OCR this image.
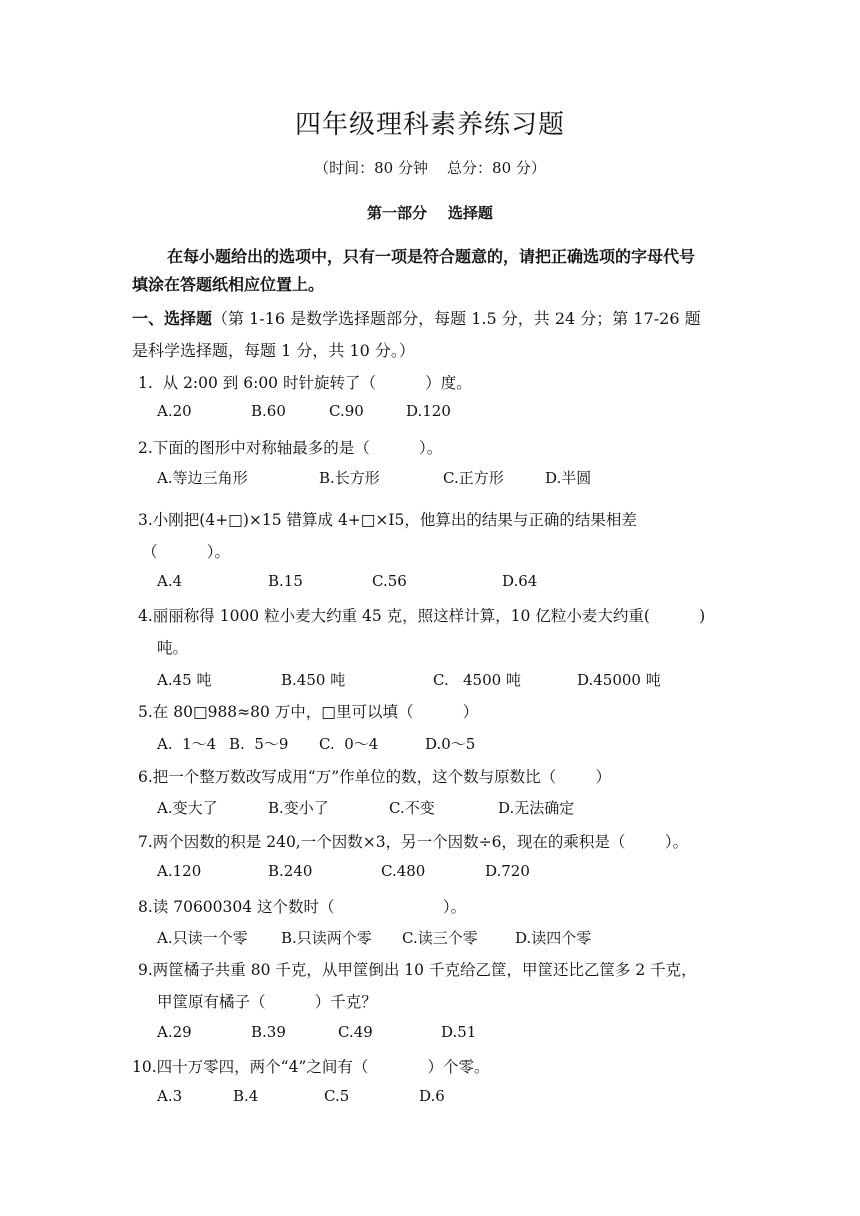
四年级理科素养练习题
（时间：80 分钟    总分：80 分）
第一部分    选择题
在每小题给出的选项中，只有一项是符合题意的，请把正确选项的字母代号
填涂在答题纸相应位置上。
一、选择题（第 1-16 是数学选择题部分，每题 1.5 分，共 24 分；第 17-26 题
是科学选择题，每题 1 分，共 10 分。）
1.  从 2:00 到 6:00 时针旋转了（          ）度。
A.20	B.60	C.90	D.120
2.下面的图形中对称轴最多的是（          ）。
A.等边三角形	B.长方形	C.正方形	D.半圆
3.小刚把(4+□)×15 错算成 4+□×I5，他算出的结果与正确的结果相差
（          ）。
A.4	B.15	C.56	D.64
4.丽丽称得 1000 粒小麦大约重 45 克，照这样计算，10 亿粒小麦大约重(          )
吨。
A.45 吨	B.450 吨	C.   4500 吨	D.45000 吨
5.在 80□988≈80 万中，□里可以填（          ）
A.  1～4 B.  5～9 C.  0～4	D.0～5
6.把一个整万数改写成用“万”作单位的数，这个数与原数比（        ）
A.变大了	B.变小了	C.不变	D.无法确定
7.两个因数的积是 240,一个因数×3，另一个因数÷6，现在的乘积是（        ）。
A.120	B.240	C.480	D.720
8.读 70600304 这个数时（                      ）。
A.只读一个零 B.只读两个零 C.读三个零 D.读四个零
9.两筐橘子共重 80 千克，从甲筐倒出 10 千克给乙筐，甲筐还比乙筐多 2 千克，
甲筐原有橘子（          ）千克？
A.29	B.39	C.49	D.51
10.四十万零四，两个“4”之间有（            ）个零。
A.3	B.4	C.5	D.6
